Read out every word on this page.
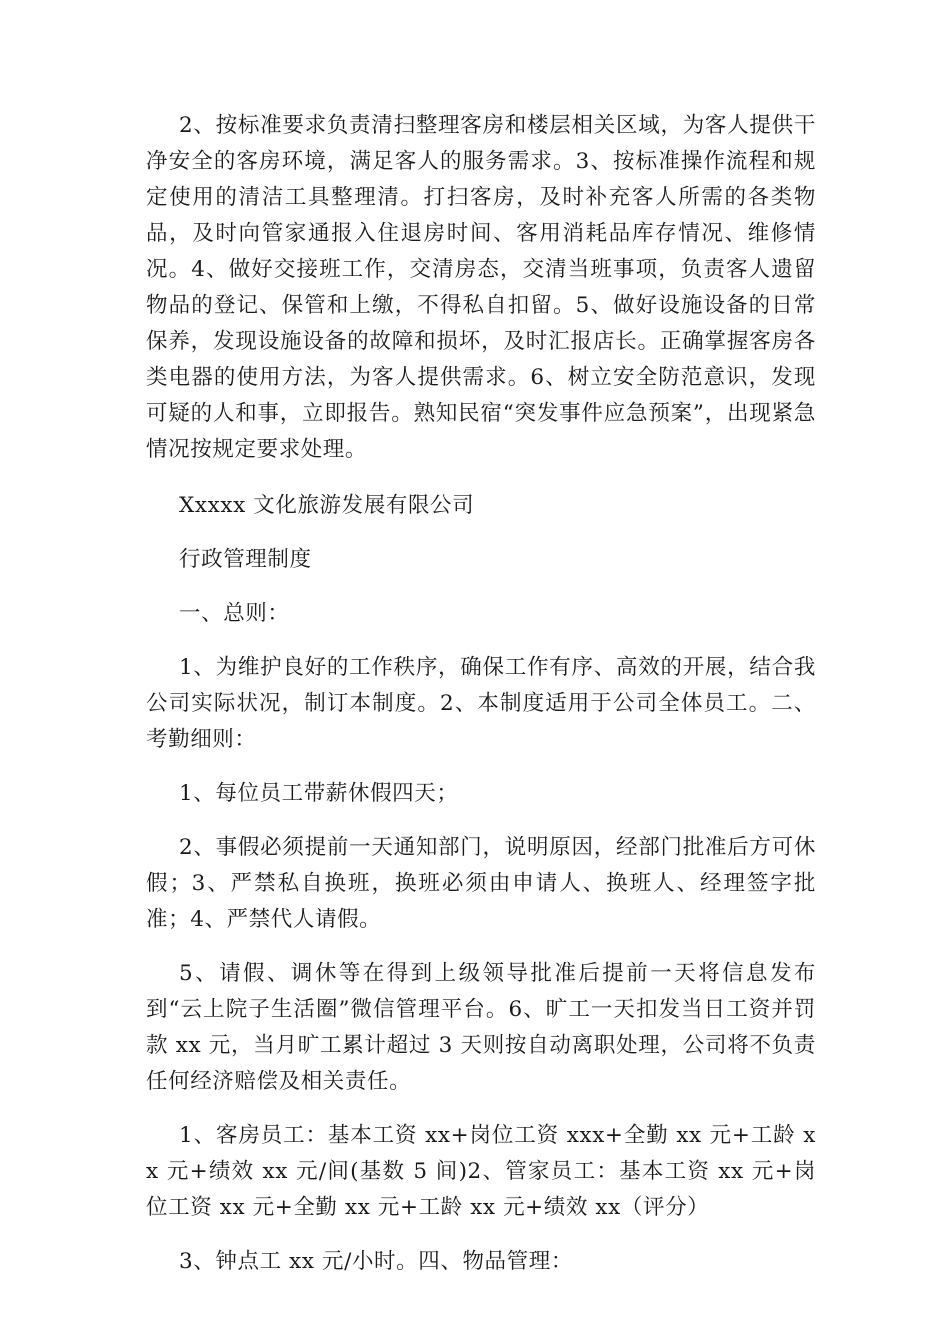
2、按标准要求负责清扫整理客房和楼层相关区域，为客人提供干净安全的客房环境，满足客人的服务需求。3、按标准操作流程和规定使用的清洁工具整理清。打扫客房，及时补充客人所需的各类物品，及时向管家通报入住退房时间、客用消耗品库存情况、维修情况。4、做好交接班工作，交清房态，交清当班事项，负责客人遗留物品的登记、保管和上缴，不得私自扣留。5、做好设施设备的日常保养，发现设施设备的故障和损坏，及时汇报店长。正确掌握客房各类电器的使用方法，为客人提供需求。6、树立安全防范意识，发现可疑的人和事，立即报告。熟知民宿“突发事件应急预案”，出现紧急情况按规定要求处理。

Xxxxx 文化旅游发展有限公司

行政管理制度

一、总则：

1、为维护良好的工作秩序，确保工作有序、高效的开展，结合我公司实际状况，制订本制度。2、本制度适用于公司全体员工。二、考勤细则：

1、每位员工带薪休假四天；

2、事假必须提前一天通知部门，说明原因，经部门批准后方可休假；3、严禁私自换班，换班必须由申请人、换班人、经理签字批准；4、严禁代人请假。

5、请假、调休等在得到上级领导批准后提前一天将信息发布到“云上院子生活圈”微信管理平台。6、旷工一天扣发当日工资并罚款 xx 元，当月旷工累计超过 3 天则按自动离职处理，公司将不负责任何经济赔偿及相关责任。

1、客房员工：基本工资 xx+岗位工资 xxx+全勤 xx 元+工龄 xx 元+绩效 xx 元/间(基数 5 间)2、管家员工：基本工资 xx 元+岗位工资 xx 元+全勤 xx 元+工龄 xx 元+绩效 xx（评分）

3、钟点工 xx 元/小时。四、物品管理：
